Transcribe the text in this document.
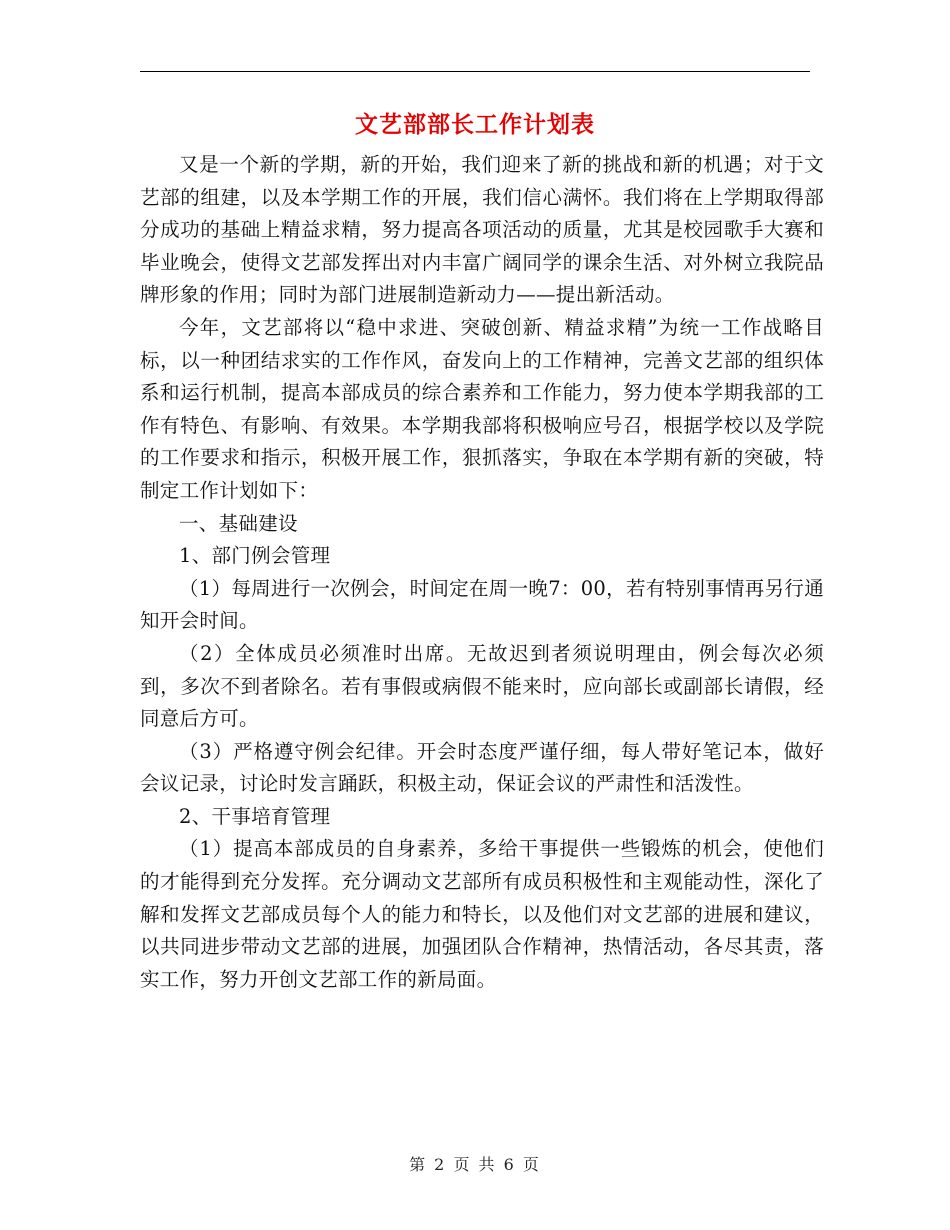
文艺部部长工作计划表

又是一个新的学期，新的开始，我们迎来了新的挑战和新的机遇；对于文艺部的组建，以及本学期工作的开展，我们信心满怀。我们将在上学期取得部分成功的基础上精益求精，努力提高各项活动的质量，尤其是校园歌手大赛和毕业晚会，使得文艺部发挥出对内丰富广阔同学的课余生活、对外树立我院品牌形象的作用；同时为部门进展制造新动力——提出新活动。

今年，文艺部将以“稳中求进、突破创新、精益求精”为统一工作战略目标，以一种团结求实的工作作风，奋发向上的工作精神，完善文艺部的组织体系和运行机制，提高本部成员的综合素养和工作能力，努力使本学期我部的工作有特色、有影响、有效果。本学期我部将积极响应号召，根据学校以及学院的工作要求和指示，积极开展工作，狠抓落实，争取在本学期有新的突破，特制定工作计划如下：

一、基础建设

1、部门例会管理

（1）每周进行一次例会，时间定在周一晚7：00，若有特别事情再另行通知开会时间。

（2）全体成员必须准时出席。无故迟到者须说明理由，例会每次必须到，多次不到者除名。若有事假或病假不能来时，应向部长或副部长请假，经同意后方可。

（3）严格遵守例会纪律。开会时态度严谨仔细，每人带好笔记本，做好会议记录，讨论时发言踊跃，积极主动，保证会议的严肃性和活泼性。

2、干事培育管理

（1）提高本部成员的自身素养，多给干事提供一些锻炼的机会，使他们的才能得到充分发挥。充分调动文艺部所有成员积极性和主观能动性，深化了解和发挥文艺部成员每个人的能力和特长，以及他们对文艺部的进展和建议，以共同进步带动文艺部的进展，加强团队合作精神，热情活动，各尽其责，落实工作，努力开创文艺部工作的新局面。

第 2 页 共 6 页
